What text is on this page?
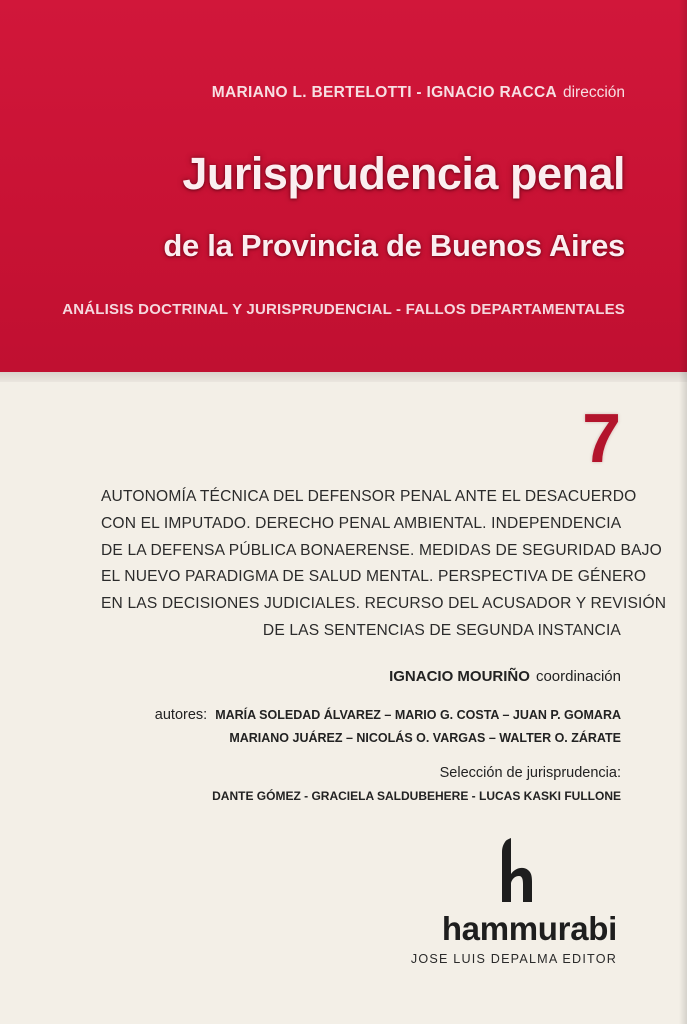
MARIANO L. BERTELOTTI - IGNACIO RACCA dirección
Jurisprudencia penal
de la Provincia de Buenos Aires
ANÁLISIS DOCTRINAL Y JURISPRUDENCIAL - FALLOS DEPARTAMENTALES
7
AUTONOMÍA TÉCNICA DEL DEFENSOR PENAL ANTE EL DESACUERDO
CON EL IMPUTADO. DERECHO PENAL AMBIENTAL. INDEPENDENCIA
DE LA DEFENSA PÚBLICA BONAERENSE. MEDIDAS DE SEGURIDAD BAJO
EL NUEVO PARADIGMA DE SALUD MENTAL. PERSPECTIVA DE GÉNERO
EN LAS DECISIONES JUDICIALES. RECURSO DEL ACUSADOR Y REVISIÓN
DE LAS SENTENCIAS DE SEGUNDA INSTANCIA
IGNACIO MOURIÑO coordinación
autores: MARÍA SOLEDAD ÁLVAREZ – MARIO G. COSTA – JUAN P. GOMARA
MARIANO JUÁREZ – NICOLÁS O. VARGAS – WALTER O. ZÁRATE
Selección de jurisprudencia:
DANTE GÓMEZ - GRACIELA SALDUBEHERE - LUCAS KASKI FULLONE
hammurabi
JOSE LUIS DEPALMA EDITOR
